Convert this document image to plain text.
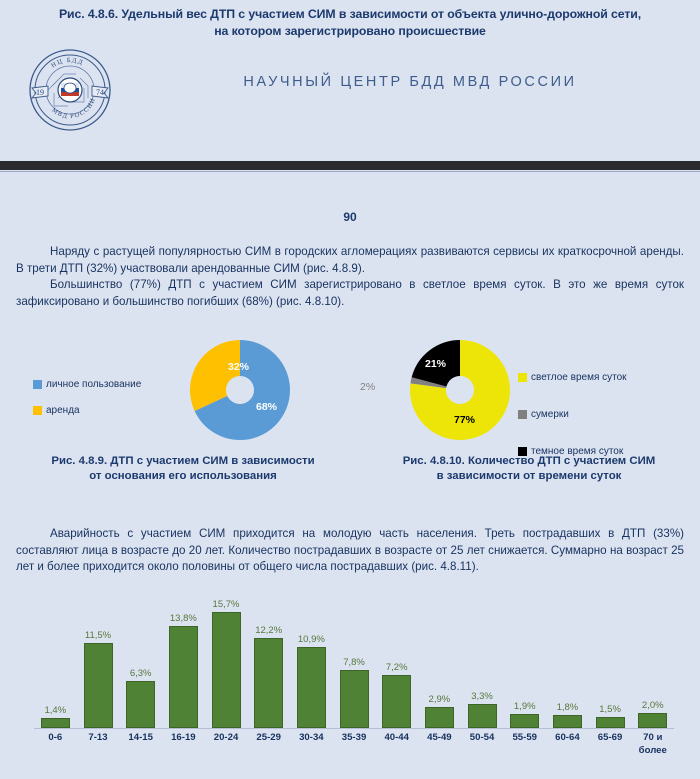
Рис. 4.8.6. Удельный вес ДТП с участием СИМ в зависимости от объекта улично-дорожной сети,
на котором зарегистрировано происшествие
19	74
НЦ БДД
МВД РОССИИ
НАУЧНЫЙ ЦЕНТР БДД МВД РОССИИ
90

Наряду с растущей популярностью СИМ в городских агломерациях развиваются сервисы их краткосрочной аренды. В трети ДТП (32%) участвовали арендованные СИМ (рис. 4.8.9).

Большинство (77%) ДТП с участием СИМ зарегистрировано в светлое время суток. В это же время суток зафиксировано и большинство погибших (68%) (рис. 4.8.10).

32%
68%
личное пользование
аренда
Рис. 4.8.9. ДТП с участием СИМ в зависимости
от основания его использования
21%
2%
77%
светлое время суток
сумерки
темное время суток
Рис. 4.8.10. Количество ДТП с участием СИМ
в зависимости от времени суток

Аварийность с участием СИМ приходится на молодую часть населения. Треть пострадавших в ДТП (33%) составляют лица в возрасте до 20 лет. Количество пострадавших в возрасте от 25 лет снижается. Суммарно на возраст 25 лет и более приходится около половины от общего числа пострадавших (рис. 4.8.11).

1,4%
11,5%
6,3%
13,8%
15,7%
12,2%
10,9%
7,8% 7,2%
2,9% 3,3%
1,9% 1,8% 1,5% 2,0%
0-6	7-13	14-15	16-19	20-24	25-29	30-34	35-39	40-44	45-49	50-54	55-59	60-64	65-69	70 и более
